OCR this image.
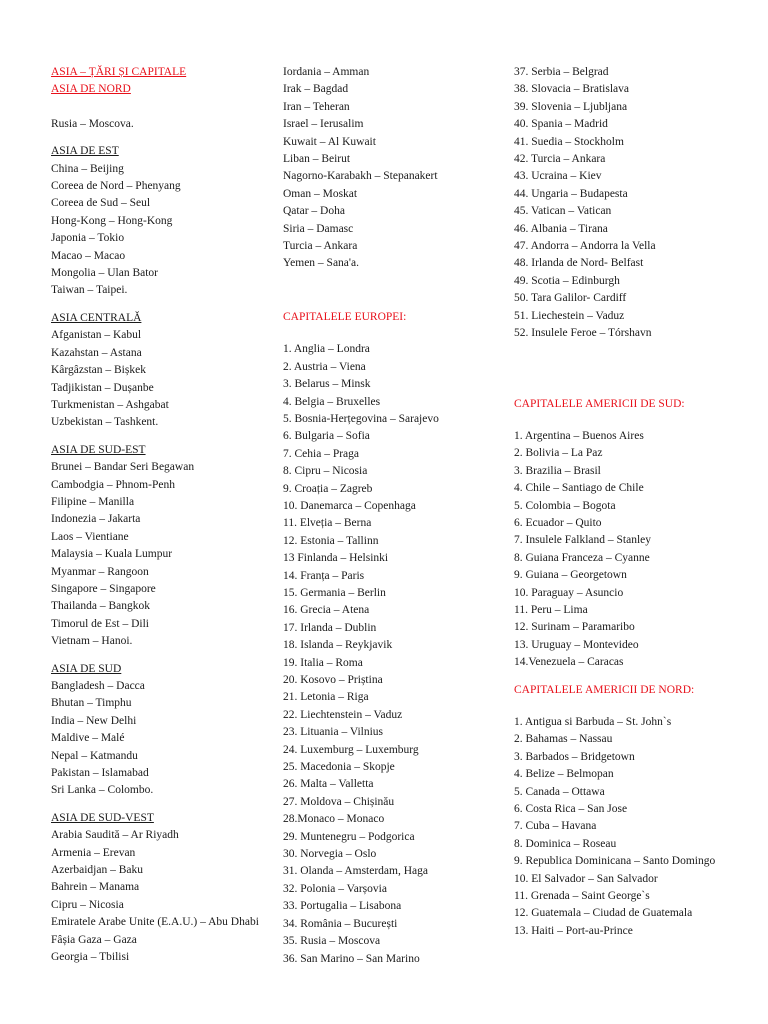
ASIA – ȚĂRI ȘI CAPITALE
ASIA DE NORD
Rusia – Moscova.
ASIA DE EST
China – Beijing
Coreea de Nord – Phenyang
Coreea de Sud – Seul
Hong-Kong – Hong-Kong
Japonia – Tokio
Macao – Macao
Mongolia – Ulan Bator
Taiwan – Taipei.
ASIA CENTRALĂ
Afganistan – Kabul
Kazahstan – Astana
Kârgâzstan – Bișkek
Tadjikistan – Dușanbe
Turkmenistan – Ashgabat
Uzbekistan – Tashkent.
ASIA DE SUD-EST
Brunei – Bandar Seri Begawan
Cambodgia – Phnom-Penh
Filipine – Manilla
Indonezia – Jakarta
Laos – Vientiane
Malaysia – Kuala Lumpur
Myanmar – Rangoon
Singapore – Singapore
Thailanda – Bangkok
Timorul de Est – Dili
Vietnam – Hanoi.
ASIA DE SUD
Bangladesh – Dacca
Bhutan – Timphu
India – New Delhi
Maldive – Malé
Nepal – Katmandu
Pakistan – Islamabad
Sri Lanka – Colombo.
ASIA DE SUD-VEST
Arabia Saudită – Ar Riyadh
Armenia – Erevan
Azerbaidjan – Baku
Bahrein – Manama
Cipru – Nicosia
Emiratele Arabe Unite (E.A.U.) – Abu Dhabi
Fâșia Gaza – Gaza
Georgia – Tbilisi
Iordania – Amman
Irak – Bagdad
Iran – Teheran
Israel – Ierusalim
Kuwait – Al Kuwait
Liban – Beirut
Nagorno-Karabakh – Stepanakert
Oman – Moskat
Qatar – Doha
Siria – Damasc
Turcia – Ankara
Yemen – Sana'a.
CAPITALELE EUROPEI:
1. Anglia – Londra
2. Austria – Viena
3. Belarus – Minsk
4. Belgia – Bruxelles
5. Bosnia-Herțegovina – Sarajevo
6. Bulgaria – Sofia
7. Cehia – Praga
8. Cipru – Nicosia
9. Croația – Zagreb
10. Danemarca – Copenhaga
11. Elveția – Berna
12. Estonia – Tallinn
13 Finlanda – Helsinki
14. Franța – Paris
15. Germania – Berlin
16. Grecia – Atena
17. Irlanda – Dublin
18. Islanda – Reykjavik
19. Italia – Roma
20. Kosovo – Priștina
21. Letonia – Riga
22. Liechtenstein – Vaduz
23. Lituania – Vilnius
24. Luxemburg – Luxemburg
25. Macedonia – Skopje
26. Malta – Valletta
27. Moldova – Chișinău
28.Monaco – Monaco
29. Muntenegru – Podgorica
30. Norvegia – Oslo
31. Olanda – Amsterdam, Haga
32. Polonia – Varșovia
33. Portugalia – Lisabona
34. România – București
35. Rusia – Moscova
36. San Marino – San Marino
37. Serbia – Belgrad
38. Slovacia – Bratislava
39. Slovenia – Ljubljana
40. Spania – Madrid
41. Suedia – Stockholm
42. Turcia – Ankara
43. Ucraina – Kiev
44. Ungaria – Budapesta
45. Vatican – Vatican
46. Albania – Tirana
47. Andorra – Andorra la Vella
48. Irlanda de Nord- Belfast
49. Scotia – Edinburgh
50. Tara Galilor- Cardiff
51. Liechestein – Vaduz
52. Insulele Feroe – Tórshavn
CAPITALELE AMERICII DE SUD:
1. Argentina – Buenos Aires
2. Bolivia – La Paz
3. Brazilia – Brasil
4. Chile – Santiago de Chile
5. Colombia – Bogota
6. Ecuador – Quito
7. Insulele Falkland – Stanley
8. Guiana Franceza – Cyanne
9. Guiana – Georgetown
10. Paraguay – Asuncio
11. Peru – Lima
12. Surinam – Paramaribo
13. Uruguay – Montevideo
14.Venezuela – Caracas
CAPITALELE AMERICII DE NORD:
1. Antigua si Barbuda – St. John`s
2. Bahamas – Nassau
3. Barbados – Bridgetown
4. Belize – Belmopan
5. Canada – Ottawa
6. Costa Rica – San Jose
7. Cuba – Havana
8. Dominica – Roseau
9. Republica Dominicana – Santo Domingo
10. El Salvador – San Salvador
11. Grenada – Saint George`s
12. Guatemala – Ciudad de Guatemala
13. Haiti – Port-au-Prince
